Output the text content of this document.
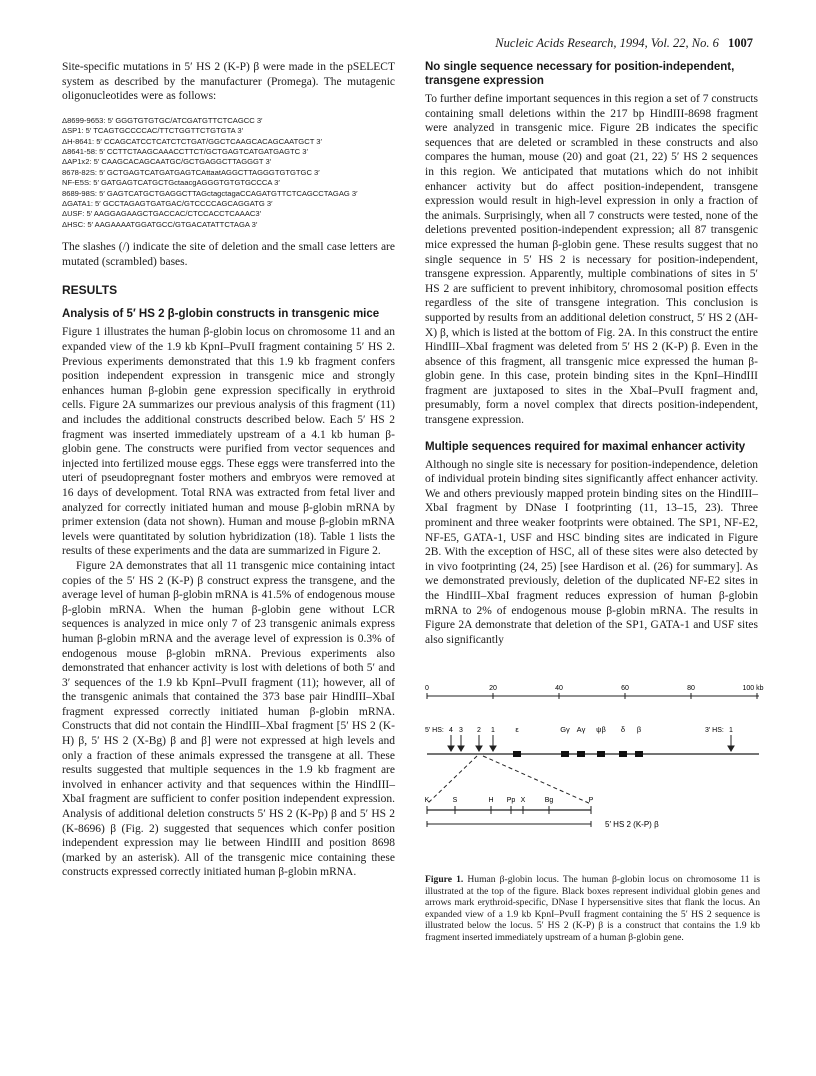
Nucleic Acids Research, 1994, Vol. 22, No. 6 1007

Site-specific mutations in 5′ HS 2 (K-P) β were made in the pSELECT system as described by the manufacturer (Promega). The mutagenic oligonucleotides were as follows:

Δ8699-9653: 5′ GGGTGTGTGC/ATCGATGTTCTCAGCC 3′
ΔSP1: 5′ TCAGTGCCCCAC/TTCTGGTTCTGTGTA 3′
ΔH-8641: 5′ CCAGCATCCTCATCTCTGAT/GGCTCAAGCACAGCAATGCT 3′
Δ8641-58: 5′ CCTTCTAAGCAAACCTTCT/GCTGAGTCATGATGAGTC 3′
ΔAP1x2: 5′ CAAGCACAGCAATGC/GCTGAGGCTTAGGGT 3′
8678-82S: 5′ GCTGAGTCATGATGAGTCAttaatAGGCTTAGGGTGTGTGC 3′
NF-E5S: 5′ GATGAGTCATGCTGctaacgAGGGTGTGTGCCCA 3′
8689-98S: 5′ GAGTCATGCTGAGGCTTAGctagctagaCCAGATGTTCTCAGCCTAGAG 3′
ΔGATA1: 5′ GCCTAGAGTGATGAC/GTCCCCAGCAGGATG 3′
ΔUSF: 5′ AAGGAGAAGCTGACCAC/CTCCACCTCAAAC3′
ΔHSC: 5′ AAGAAAATGGATGCC/GTGACATATTCTAGA 3′

The slashes (/) indicate the site of deletion and the small case letters are mutated (scrambled) bases.

RESULTS
Analysis of 5′ HS 2 β-globin constructs in transgenic mice

Figure 1 illustrates the human β-globin locus on chromosome 11 and an expanded view of the 1.9 kb KpnI–PvuII fragment containing 5′ HS 2. Previous experiments demonstrated that this 1.9 kb fragment confers position independent expression in transgenic mice and strongly enhances human β-globin gene expression specifically in erythroid cells. Figure 2A summarizes our previous analysis of this fragment (11) and includes the additional constructs described below. Each 5′ HS 2 fragment was inserted immediately upstream of a 4.1 kb human β-globin gene. The constructs were purified from vector sequences and injected into fertilized mouse eggs. These eggs were transferred into the uteri of pseudopregnant foster mothers and embryos were removed at 16 days of development. Total RNA was extracted from fetal liver and analyzed for correctly initiated human and mouse β-globin mRNA by primer extension (data not shown). Human and mouse β-globin mRNA levels were quantitated by solution hybridization (18). Table 1 lists the results of these experiments and the data are summarized in Figure 2.

Figure 2A demonstrates that all 11 transgenic mice containing intact copies of the 5′ HS 2 (K-P) β construct express the transgene, and the average level of human β-globin mRNA is 41.5% of endogenous mouse β-globin mRNA. When the human β-globin gene without LCR sequences is analyzed in mice only 7 of 23 transgenic animals express human β-globin mRNA and the average level of expression is 0.3% of endogenous mouse β-globin mRNA. Previous experiments also demonstrated that enhancer activity is lost with deletions of both 5′ and 3′ sequences of the 1.9 kb KpnI–PvuII fragment (11); however, all of the transgenic animals that contained the 373 base pair HindIII–XbaI fragment expressed correctly initiated human β-globin mRNA. Constructs that did not contain the HindIII–XbaI fragment [5′ HS 2 (K-H) β, 5′ HS 2 (X-Bg) β and β] were not expressed at high levels and only a fraction of these animals expressed the transgene at all. These results suggested that multiple sequences in the 1.9 kb fragment are involved in enhancer activity and that sequences within the HindIII–XbaI fragment are sufficient to confer position independent expression. Analysis of additional deletion constructs 5′ HS 2 (K-Pp) β and 5′ HS 2 (K-8696) β (Fig. 2) suggested that sequences which confer position independent expression may lie between HindIII and position 8698 (marked by an asterisk). All of the transgenic mice containing these constructs expressed correctly initiated human β-globin mRNA.

No single sequence necessary for position-independent, transgene expression

To further define important sequences in this region a set of 7 constructs containing small deletions within the 217 bp HindIII-8698 fragment were analyzed in transgenic mice. Figure 2B indicates the specific sequences that are deleted or scrambled in these constructs and also compares the human, mouse (20) and goat (21, 22) 5′ HS 2 sequences in this region. We anticipated that mutations which do not inhibit enhancer activity but do affect position-independent, transgene expression would result in high-level expression in only a fraction of the animals. Surprisingly, when all 7 constructs were tested, none of the deletions prevented position-independent expression; all 87 transgenic mice expressed the human β-globin gene. These results suggest that no single sequence in 5′ HS 2 is necessary for position-independent, transgene expression. Apparently, multiple combinations of sites in 5′ HS 2 are sufficient to prevent inhibitory, chromosomal position effects regardless of the site of transgene integration. This conclusion is supported by results from an additional deletion construct, 5′ HS 2 (ΔH-X) β, which is listed at the bottom of Fig. 2A. In this construct the entire HindIII–XbaI fragment was deleted from 5′ HS 2 (K-P) β. Even in the absence of this fragment, all transgenic mice expressed the human β-globin gene. In this case, protein binding sites in the KpnI–HindIII fragment are juxtaposed to sites in the XbaI–PvuII fragment and, presumably, form a novel complex that directs position-independent, transgene expression.

Multiple sequences required for maximal enhancer activity

Although no single site is necessary for position-independence, deletion of individual protein binding sites significantly affect enhancer activity. We and others previously mapped protein binding sites on the HindIII–XbaI fragment by DNase I footprinting (11, 13–15, 23). Three prominent and three weaker footprints were obtained. The SP1, NF-E2, NF-E5, GATA-1, USF and HSC binding sites are indicated in Figure 2B. With the exception of HSC, all of these sites were also detected by in vivo footprinting (24, 25) [see Hardison et al. (26) for summary]. As we demonstrated previously, deletion of the duplicated NF-E2 sites in the HindIII–XbaI fragment reduces expression of human β-globin mRNA to 2% of endogenous mouse β-globin mRNA. The results in Figure 2A demonstrate that deletion of the SP1, GATA-1 and USF sites also significantly

0	20	40	60	80	100 kb
5′ HS: 4 3 2 1	3′ HS: 1
ε	Gγ Aγ ψβ δ β
K	S	H Pp X	Bg	P
5′ HS 2 (K-P) β
Figure 1. Human β-globin locus. The human β-globin locus on chromosome 11 is illustrated at the top of the figure. Black boxes represent individual globin genes and arrows mark erythroid-specific, DNase I hypersensitive sites that flank the locus. An expanded view of a 1.9 kb KpnI–PvuII fragment containing the 5′ HS 2 sequence is illustrated below the locus. 5′ HS 2 (K-P) β is a construct that contains the 1.9 kb fragment inserted immediately upstream of a human β-globin gene.
